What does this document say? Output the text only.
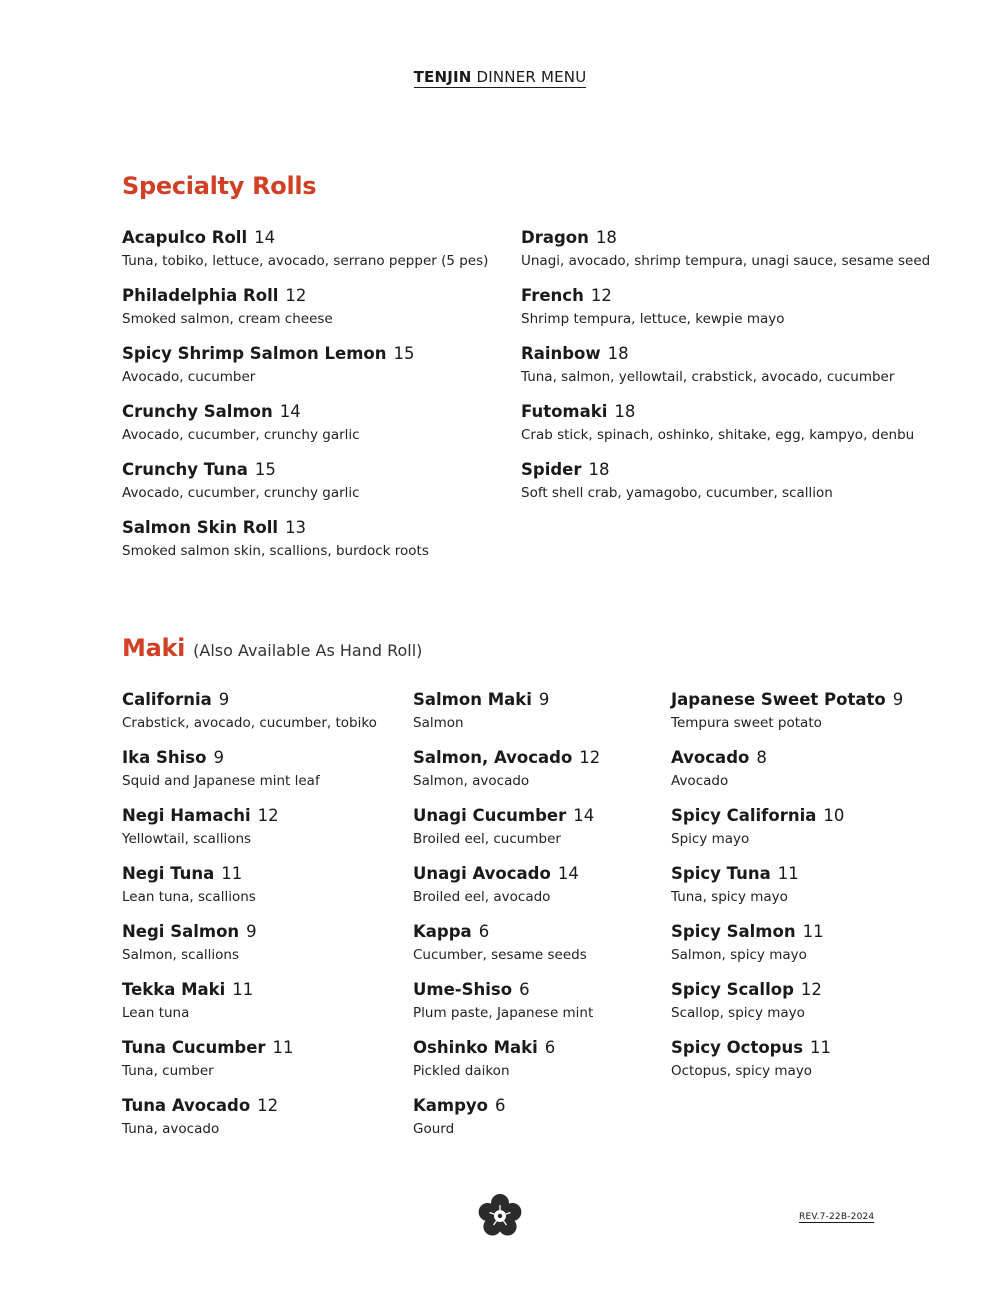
TENJIN DINNER MENU
Specialty Rolls
Acapulco Roll 14
Tuna, tobiko, lettuce, avocado, serrano pepper (5 pes)
Philadelphia Roll 12
Smoked salmon, cream cheese
Spicy Shrimp Salmon Lemon 15
Avocado, cucumber
Crunchy Salmon 14
Avocado, cucumber, crunchy garlic
Crunchy Tuna 15
Avocado, cucumber, crunchy garlic
Salmon Skin Roll 13
Smoked salmon skin, scallions, burdock roots
Dragon 18
Unagi, avocado, shrimp tempura, unagi sauce, sesame seed
French 12
Shrimp tempura, lettuce, kewpie mayo
Rainbow 18
Tuna, salmon, yellowtail, crabstick, avocado, cucumber
Futomaki 18
Crab stick, spinach, oshinko, shitake, egg, kampyo, denbu
Spider 18
Soft shell crab, yamagobo, cucumber, scallion
Maki (Also Available As Hand Roll)
California 9
Crabstick, avocado, cucumber, tobiko
Ika Shiso 9
Squid and Japanese mint leaf
Negi Hamachi 12
Yellowtail, scallions
Negi Tuna 11
Lean tuna, scallions
Negi Salmon 9
Salmon, scallions
Tekka Maki 11
Lean tuna
Tuna Cucumber 11
Tuna, cumber
Tuna Avocado 12
Tuna, avocado
Salmon Maki 9
Salmon
Salmon, Avocado 12
Salmon, avocado
Unagi Cucumber 14
Broiled eel, cucumber
Unagi Avocado 14
Broiled eel, avocado
Kappa 6
Cucumber, sesame seeds
Ume-Shiso 6
Plum paste, Japanese mint
Oshinko Maki 6
Pickled daikon
Kampyo 6
Gourd
Japanese Sweet Potato 9
Tempura sweet potato
Avocado 8
Avocado
Spicy California 10
Spicy mayo
Spicy Tuna 11
Tuna, spicy mayo
Spicy Salmon 11
Salmon, spicy mayo
Spicy Scallop 12
Scallop, spicy mayo
Spicy Octopus 11
Octopus, spicy mayo
REV.7-22B-2024
